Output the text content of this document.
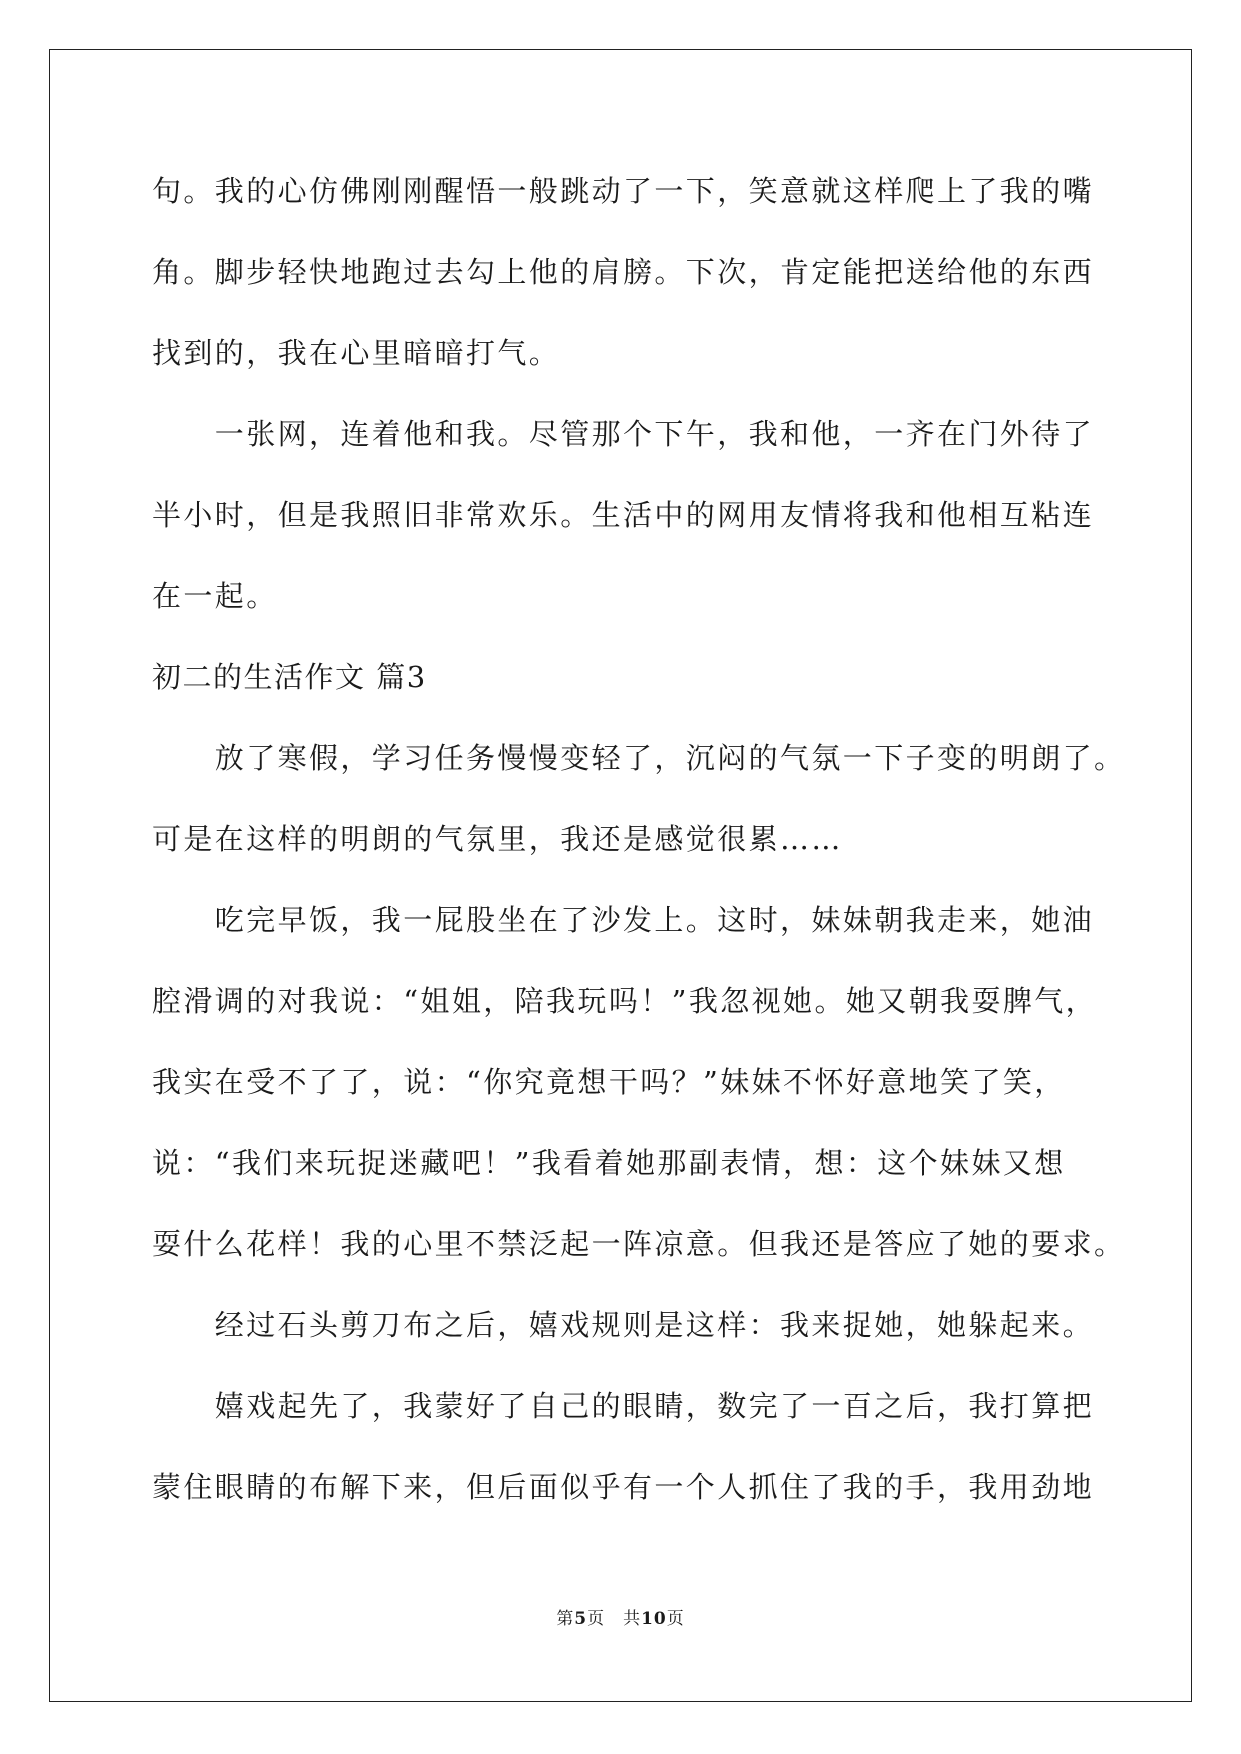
句。我的心仿佛刚刚醒悟一般跳动了一下，笑意就这样爬上了我的嘴
角。脚步轻快地跑过去勾上他的肩膀。下次，肯定能把送给他的东西
找到的，我在心里暗暗打气。
　　一张网，连着他和我。尽管那个下午，我和他，一齐在门外待了
半小时，但是我照旧非常欢乐。生活中的网用友情将我和他相互粘连
在一起。
初二的生活作文 篇3
　　放了寒假，学习任务慢慢变轻了，沉闷的气氛一下子变的明朗了。
可是在这样的明朗的气氛里，我还是感觉很累……
　　吃完早饭，我一屁股坐在了沙发上。这时，妹妹朝我走来，她油
腔滑调的对我说：“姐姐，陪我玩吗！”我忽视她。她又朝我耍脾气，
我实在受不了了，说：“你究竟想干吗？”妹妹不怀好意地笑了笑，
说：“我们来玩捉迷藏吧！”我看着她那副表情，想：这个妹妹又想
耍什么花样！我的心里不禁泛起一阵凉意。但我还是答应了她的要求。
　　经过石头剪刀布之后，嬉戏规则是这样：我来捉她，她躲起来。
　　嬉戏起先了，我蒙好了自己的眼睛，数完了一百之后，我打算把
蒙住眼睛的布解下来，但后面似乎有一个人抓住了我的手，我用劲地
第5页 共10页
